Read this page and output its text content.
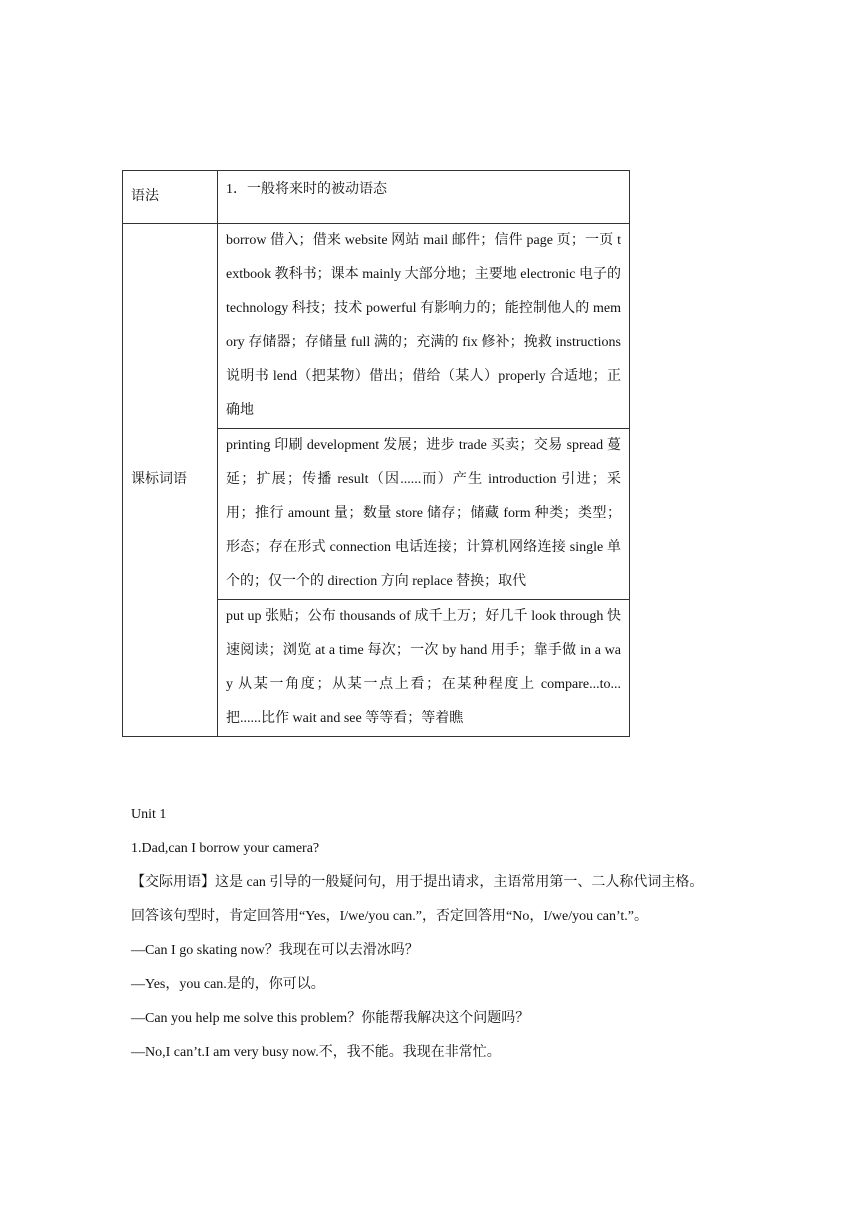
语法	1．一般将来时的被动语态
课标词语	borrow 借入；借来 website 网站 mail 邮件；信件 page 页；一页 textbook 教科书；课本 mainly 大部分地；主要地 electronic 电子的 technology 科技；技术 powerful 有影响力的；能控制他人的 memory 存储器；存储量 full 满的；充满的 fix 修补；挽救 instructions 说明书 lend（把某物）借出；借给（某人）properly 合适地；正确地

	printing 印刷 development 发展；进步 trade 买卖；交易 spread 蔓延；扩展；传播 result（因......而）产生 introduction 引进；采用；推行 amount 量；数量 store 储存；储藏 form 种类；类型；形态；存在形式 connection 电话连接；计算机网络连接 single 单个的；仅一个的 direction 方向 replace 替换；取代

	put up 张贴；公布 thousands of 成千上万；好几千 look through 快速阅读；浏览 at a time 每次；一次 by hand 用手；靠手做 in a way 从某一角度；从某一点上看；在某种程度上 compare...to...把......比作 wait and see 等等看；等着瞧

Unit 1

1.Dad,can I borrow your camera?

【交际用语】这是 can 引导的一般疑问句，用于提出请求，主语常用第一、二人称代词主格。

回答该句型时，肯定回答用“Yes，I/we/you can.”，否定回答用“No，I/we/you can’t.”。

—Can I go skating now？我现在可以去滑冰吗？

—Yes，you can.是的，你可以。

—Can you help me solve this problem？你能帮我解决这个问题吗？

—No,I can’t.I am very busy now.不，我不能。我现在非常忙。
